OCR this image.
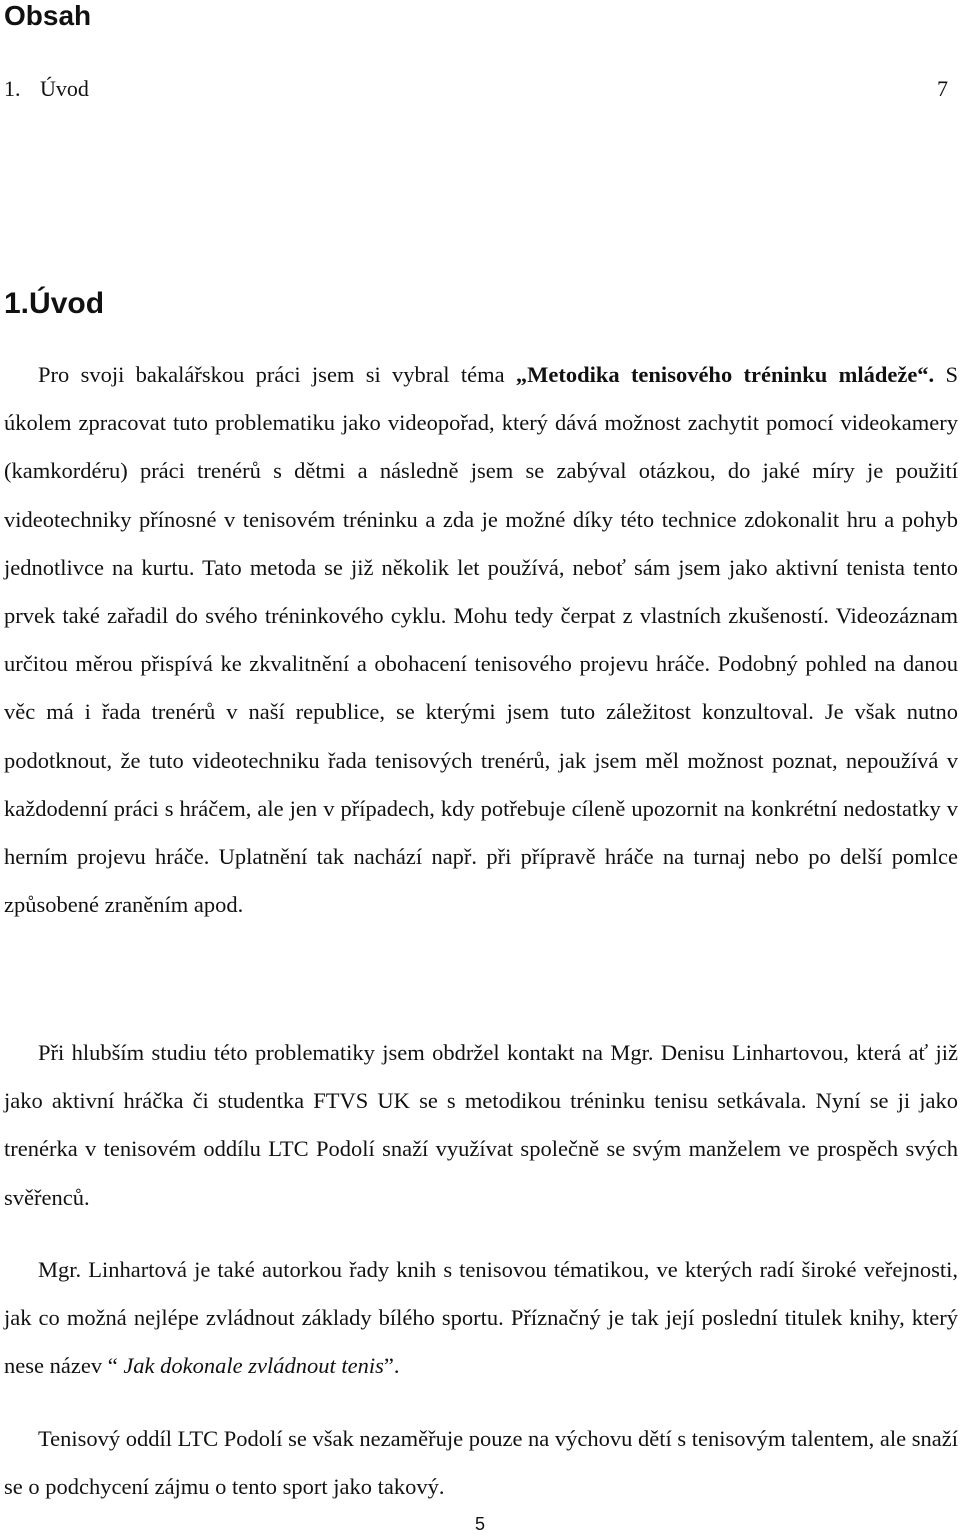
Obsah
1. Úvod	7
1.Úvod

Pro svoji bakalářskou práci jsem si vybral téma „Metodika tenisového tréninku mládeže“. S úkolem zpracovat tuto problematiku jako videopořad, který dává možnost zachytit pomocí videokamery (kamkordéru) práci trenérů s dětmi a následně jsem se zabýval otázkou, do jaké míry je použití videotechniky přínosné v tenisovém tréninku a zda je možné díky této technice zdokonalit hru a pohyb jednotlivce na kurtu. Tato metoda se již několik let používá, neboť sám jsem jako aktivní tenista tento prvek také zařadil do svého tréninkového cyklu. Mohu tedy čerpat z vlastních zkušeností. Videozáznam určitou měrou přispívá ke zkvalitnění a obohacení tenisového projevu hráče. Podobný pohled na danou věc má i řada trenérů v naší republice, se kterými jsem tuto záležitost konzultoval. Je však nutno podotknout, že tuto videotechniku řada tenisových trenérů, jak jsem měl možnost poznat, nepoužívá v každodenní práci s hráčem, ale jen v případech, kdy potřebuje cíleně upozornit na konkrétní nedostatky v herním projevu hráče. Uplatnění tak nachází např. při přípravě hráče na turnaj nebo po delší pomlce způsobené zraněním apod.

Při hlubším studiu této problematiky jsem obdržel kontakt na Mgr. Denisu Linhartovou, která ať již jako aktivní hráčka či studentka FTVS UK se s metodikou tréninku tenisu setkávala. Nyní se ji jako trenérka v tenisovém oddílu LTC Podolí snaží využívat společně se svým manželem ve prospěch svých svěřenců.

Mgr. Linhartová je také autorkou řady knih s tenisovou tématikou, ve kterých radí široké veřejnosti, jak co možná nejlépe zvládnout základy bílého sportu. Příznačný je tak její poslední titulek knihy, který nese název “ Jak dokonale zvládnout tenis”.

Tenisový oddíl LTC Podolí se však nezaměřuje pouze na výchovu dětí s tenisovým talentem, ale snaží se o podchycení zájmu o tento sport jako takový.

5
